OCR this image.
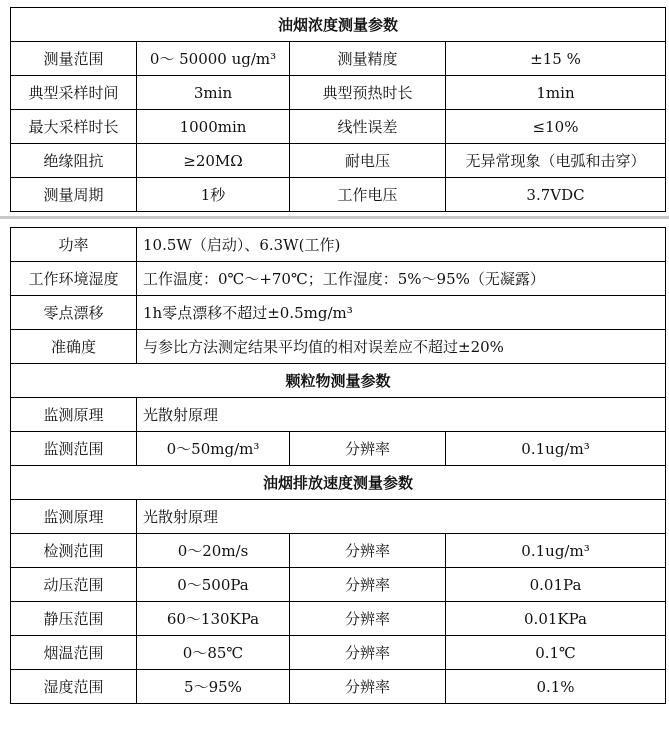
油烟浓度测量参数			
测量范围	0～ 50000 ug/m³	测量精度	±15 %
典型采样时间	3min	典型预热时长	1min
最大采样时长	1000min	线性误差	≤10%
绝缘阻抗	≥20MΩ	耐电压	无异常现象（电弧和击穿）
测量周期	1秒	工作电压	3.7VDC
功率	10.5W（启动）、6.3W(工作)		
工作环境湿度	工作温度：0℃～+70℃；工作湿度：5%～95%（无凝露）		
零点漂移	1h零点漂移不超过±0.5mg/m³		
准确度	与参比方法测定结果平均值的相对误差应不超过±20%		
颗粒物测量参数			
监测原理	光散射原理		
监测范围	0～50mg/m³	分辨率	0.1ug/m³
油烟排放速度测量参数			
监测原理	光散射原理		
检测范围	0～20m/s	分辨率	0.1ug/m³
动压范围	0～500Pa	分辨率	0.01Pa
静压范围	60～130KPa	分辨率	0.01KPa
烟温范围	0～85℃	分辨率	0.1℃
湿度范围	5～95%	分辨率	0.1%
